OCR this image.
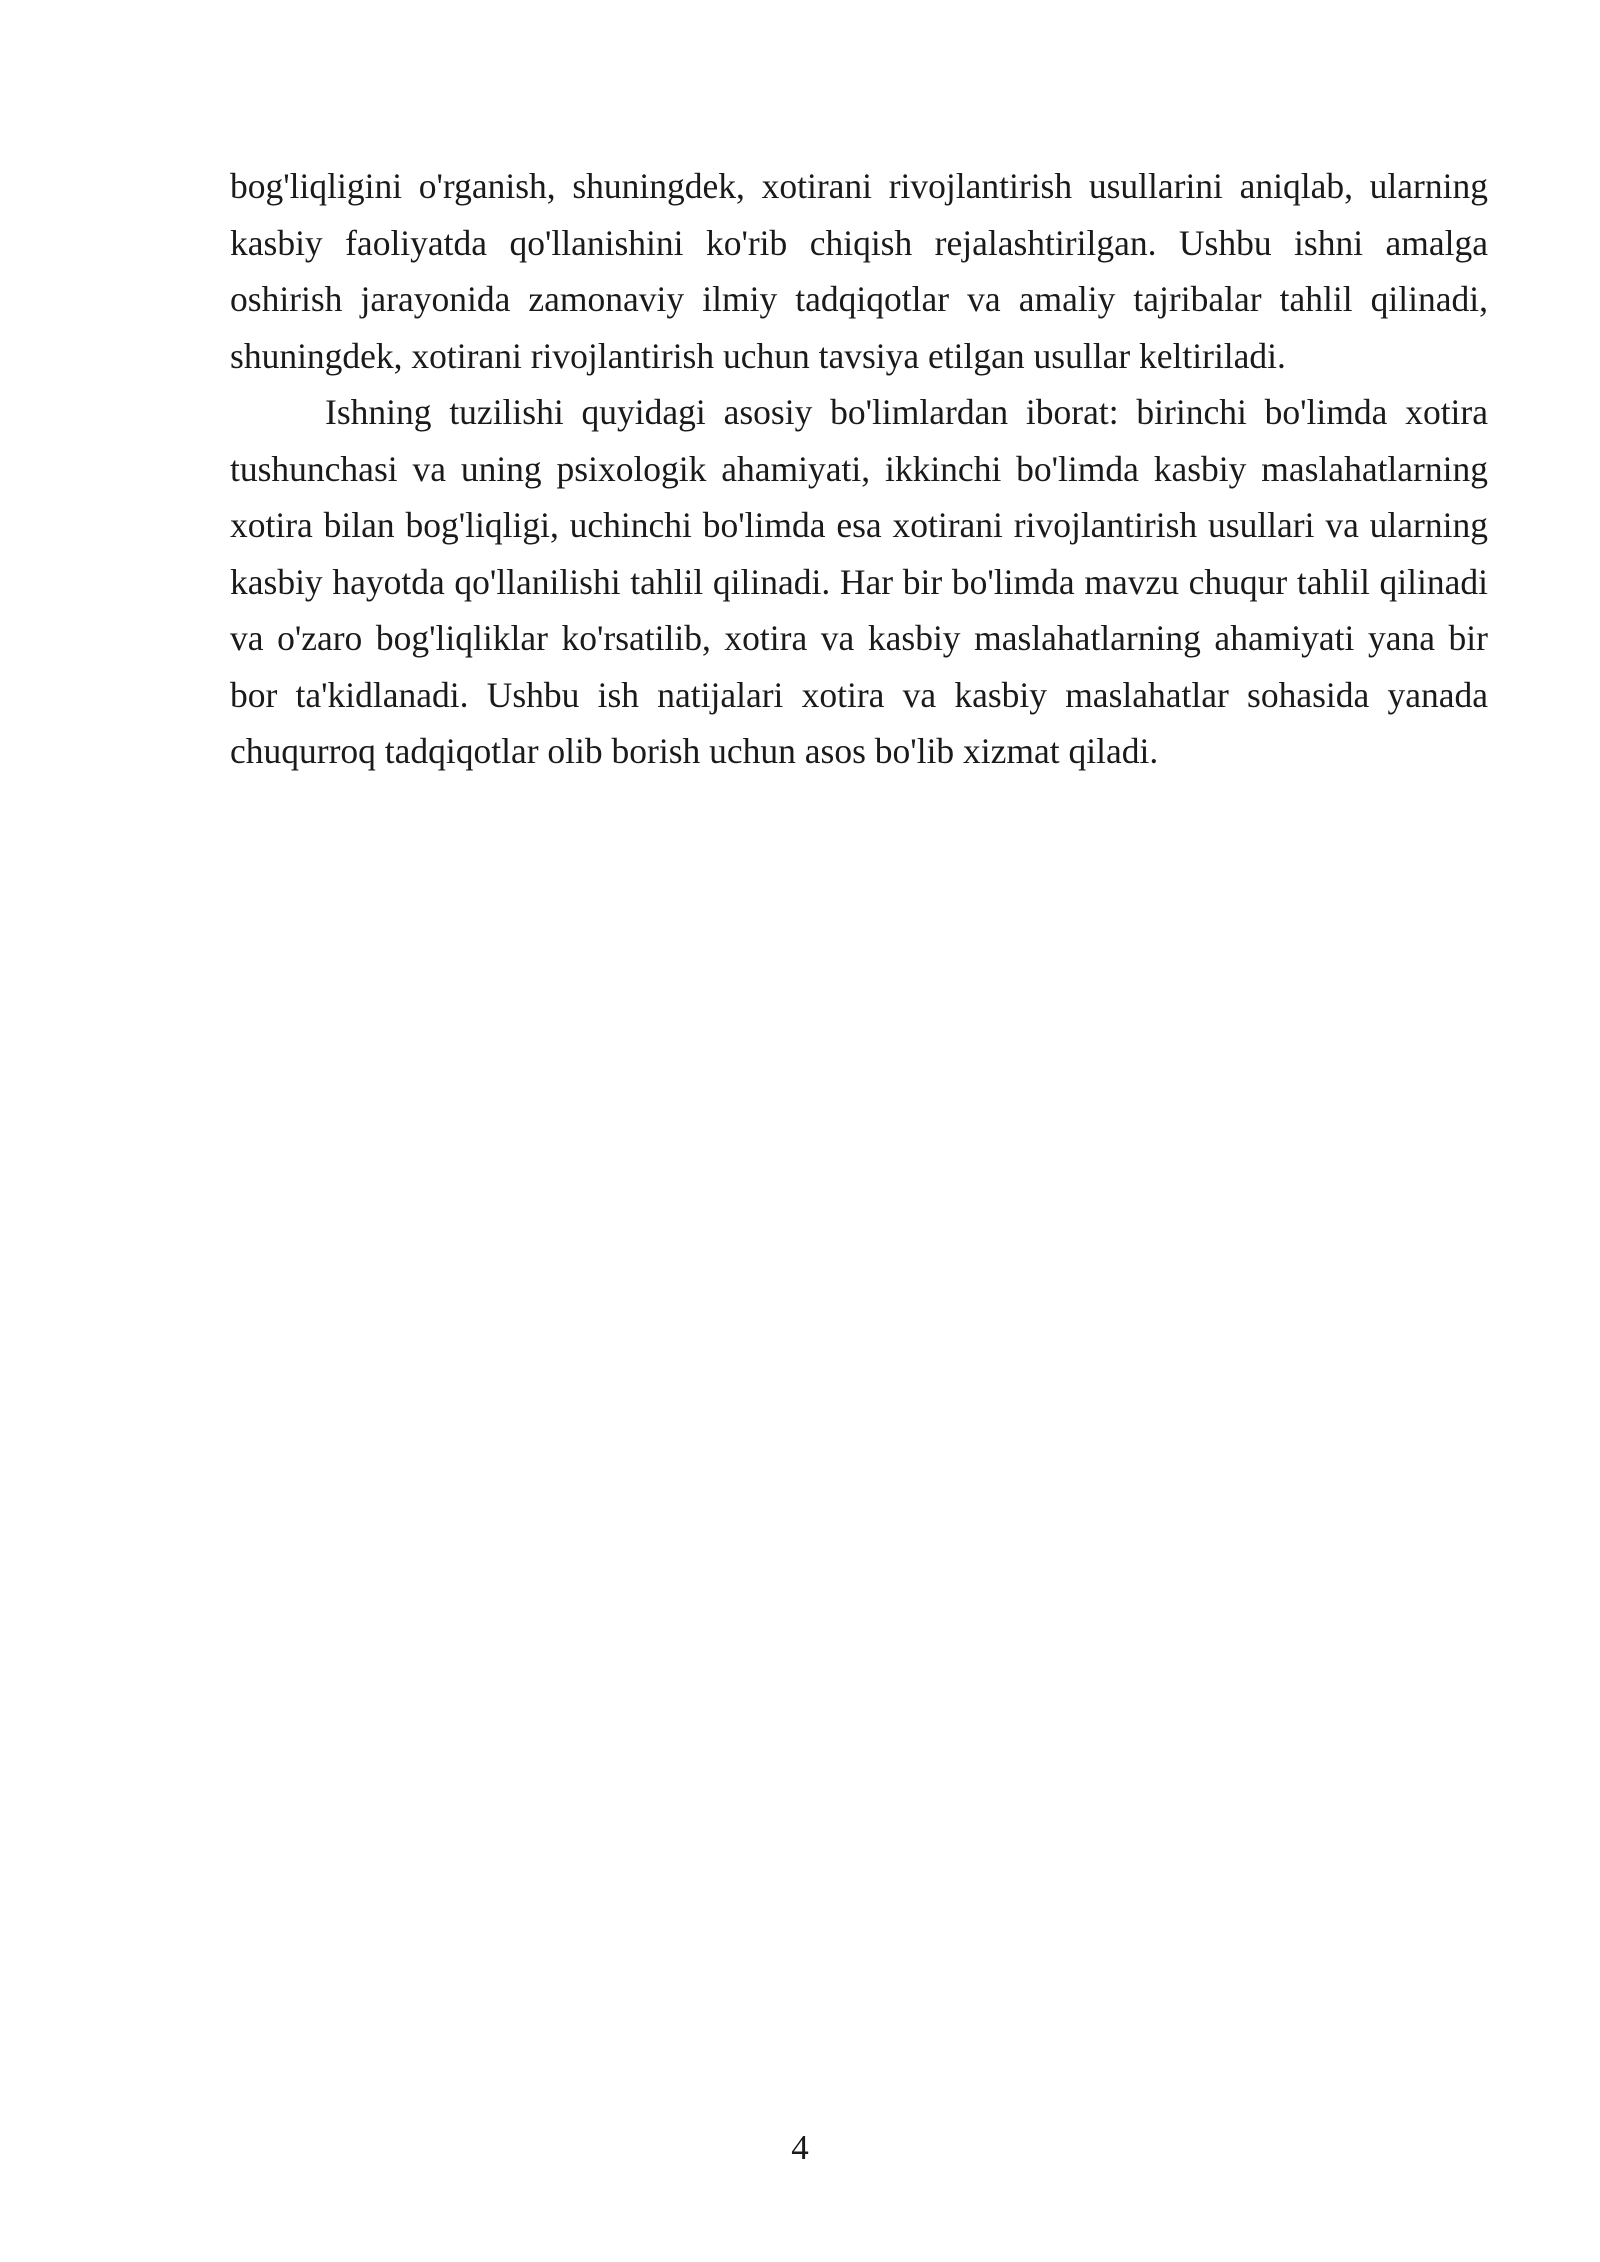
bog'liqligini o'rganish, shuningdek, xotirani rivojlantirish usullarini aniqlab, ularning kasbiy faoliyatda qo'llanishini ko'rib chiqish rejalashtirilgan. Ushbu ishni amalga oshirish jarayonida zamonaviy ilmiy tadqiqotlar va amaliy tajribalar tahlil qilinadi, shuningdek, xotirani rivojlantirish uchun tavsiya etilgan usullar keltiriladi.

Ishning tuzilishi quyidagi asosiy bo'limlardan iborat: birinchi bo'limda xotira tushunchasi va uning psixologik ahamiyati, ikkinchi bo'limda kasbiy maslahatlarning xotira bilan bog'liqligi, uchinchi bo'limda esa xotirani rivojlantirish usullari va ularning kasbiy hayotda qo'llanilishi tahlil qilinadi. Har bir bo'limda mavzu chuqur tahlil qilinadi va o'zaro bog'liqliklar ko'rsatilib, xotira va kasbiy maslahatlarning ahamiyati yana bir bor ta'kidlanadi. Ushbu ish natijalari xotira va kasbiy maslahatlar sohasida yanada chuqurroq tadqiqotlar olib borish uchun asos bo'lib xizmat qiladi.

4
